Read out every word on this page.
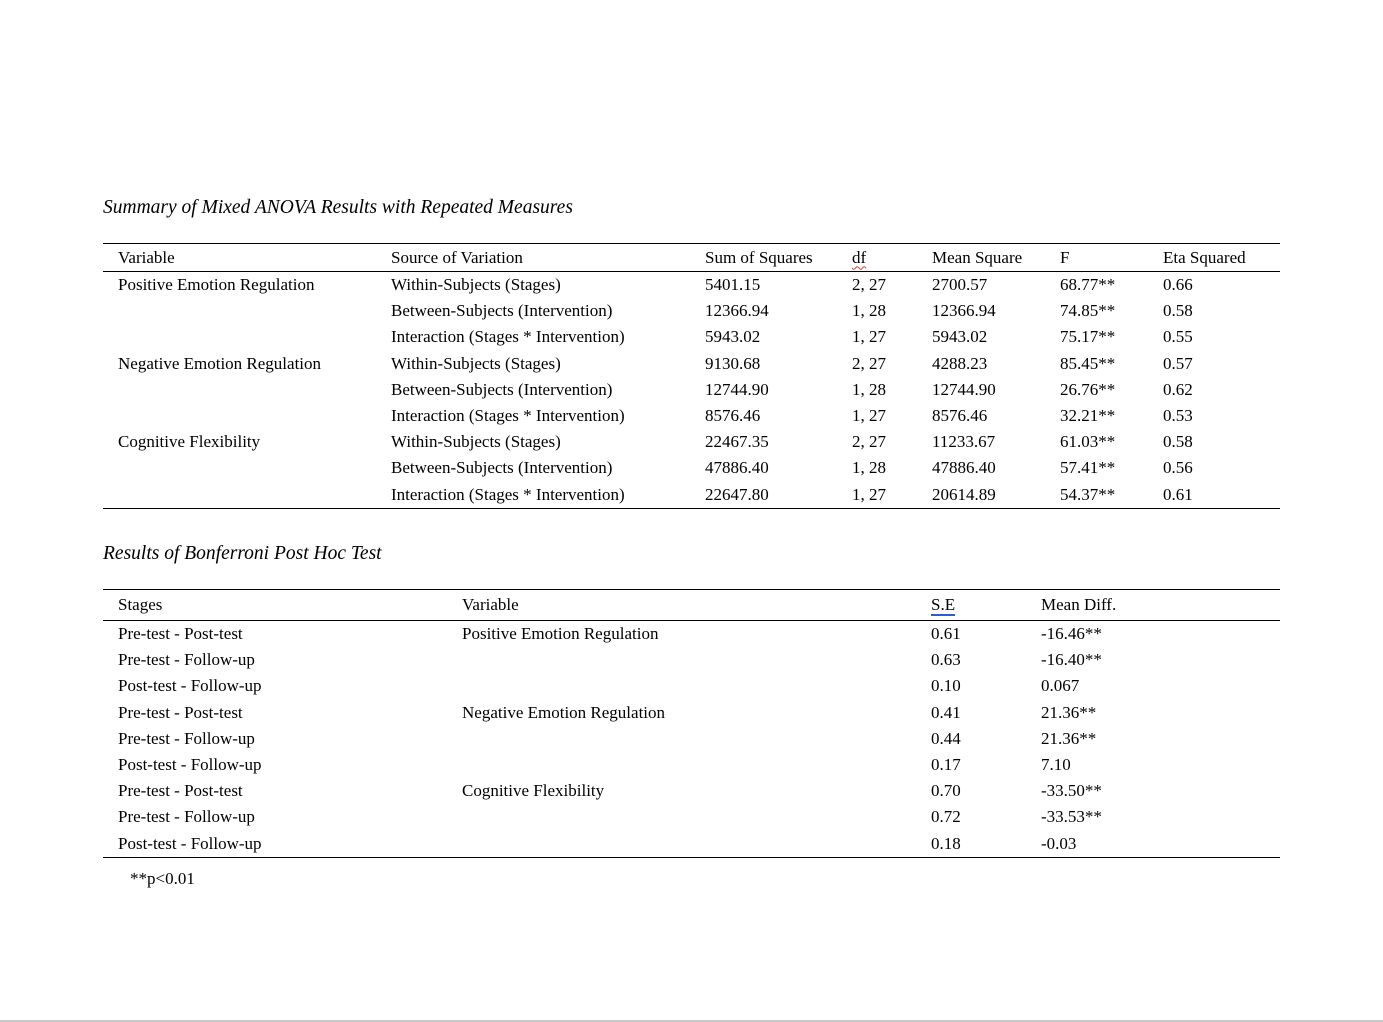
Summary of Mixed ANOVA Results with Repeated Measures
Variable	Source of Variation	Sum of Squares	df	Mean Square	F	Eta Squared
Positive Emotion Regulation	Within-Subjects (Stages)	5401.15	2, 27	2700.57	68.77**	0.66
	Between-Subjects (Intervention)	12366.94	1, 28	12366.94	74.85**	0.58
	Interaction (Stages * Intervention)	5943.02	1, 27	5943.02	75.17**	0.55
Negative Emotion Regulation	Within-Subjects (Stages)	9130.68	2, 27	4288.23	85.45**	0.57
	Between-Subjects (Intervention)	12744.90	1, 28	12744.90	26.76**	0.62
	Interaction (Stages * Intervention)	8576.46	1, 27	8576.46	32.21**	0.53
Cognitive Flexibility	Within-Subjects (Stages)	22467.35	2, 27	11233.67	61.03**	0.58
	Between-Subjects (Intervention)	47886.40	1, 28	47886.40	57.41**	0.56
	Interaction (Stages * Intervention)	22647.80	1, 27	20614.89	54.37**	0.61
Results of Bonferroni Post Hoc Test
Stages	Variable	S.E	Mean Diff.
Pre-test - Post-test	Positive Emotion Regulation	0.61	-16.46**
Pre-test - Follow-up		0.63	-16.40**
Post-test - Follow-up		0.10	0.067
Pre-test - Post-test	Negative Emotion Regulation	0.41	21.36**
Pre-test - Follow-up		0.44	21.36**
Post-test - Follow-up		0.17	7.10
Pre-test - Post-test	Cognitive Flexibility	0.70	-33.50**
Pre-test - Follow-up		0.72	-33.53**
Post-test - Follow-up		0.18	-0.03
**p<0.01
